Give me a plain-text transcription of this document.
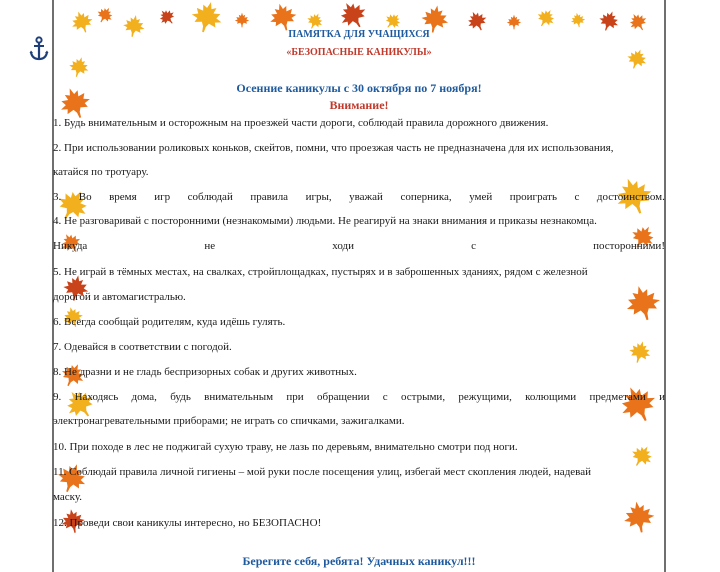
ПАМЯТКА ДЛЯ УЧАЩИХСЯ
«БЕЗОПАСНЫЕ КАНИКУЛЫ»
Осенние каникулы с 30 октября по 7 ноября!
Внимание!
1. Будь внимательным и осторожным на проезжей части дороги, соблюдай правила дорожного движения.
2. При использовании роликовых коньков, скейтов, помни, что проезжая часть не предназначена для их использования,
катайся по тротуару.
3. Во время игр соблюдай правила игры, уважай соперника, умей проиграть с достоинством.
4. Не разговаривай с посторонними (незнакомыми) людьми. Не реагируй на знаки внимания и приказы незнакомца.
Никуда	не	ходи	с	посторонними!
5. Не играй в тёмных местах, на свалках, стройплощадках, пустырях и в заброшенных зданиях, рядом с железной
дорогой и автомагистралью.
6. Всегда сообщай родителям, куда идёшь гулять.
7. Одевайся в соответствии с погодой.
8. Не дразни и не гладь беспризорных собак и других животных.
9. Находясь дома, будь внимательным при обращении с острыми, режущими, колющими предметами и
электронагревательными приборами; не играть со спичками, зажигалками.
10. При походе в лес не поджигай сухую траву, не лазь по деревьям, внимательно смотри под ноги.
11. Соблюдай правила личной гигиены – мой руки после посещения улиц, избегай мест скопления людей, надевай
маску.
12. Проведи свои каникулы интересно, но БЕЗОПАСНО!
Берегите себя, ребята! Удачных каникул!!!
